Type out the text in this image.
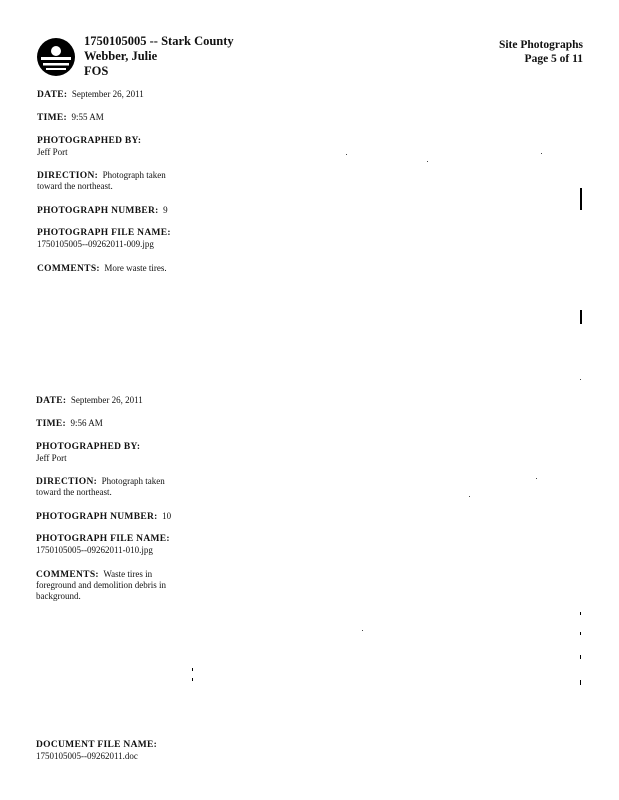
1750105005 -- Stark County
Webber, Julie
FOS
Site Photographs
Page 5 of 11
DATE: September 26, 2011
TIME: 9:55 AM
PHOTOGRAPHED BY:
Jeff Port
DIRECTION: Photograph taken
toward the northeast.
PHOTOGRAPH NUMBER: 9
PHOTOGRAPH FILE NAME:
1750105005--09262011-009.jpg
COMMENTS: More waste tires.
DATE: September 26, 2011
TIME: 9:56 AM
PHOTOGRAPHED BY:
Jeff Port
DIRECTION: Photograph taken
toward the northeast.
PHOTOGRAPH NUMBER: 10
PHOTOGRAPH FILE NAME:
1750105005--09262011-010.jpg
COMMENTS: Waste tires in
foreground and demolition debris in
background.
DOCUMENT FILE NAME:
1750105005--09262011.doc
